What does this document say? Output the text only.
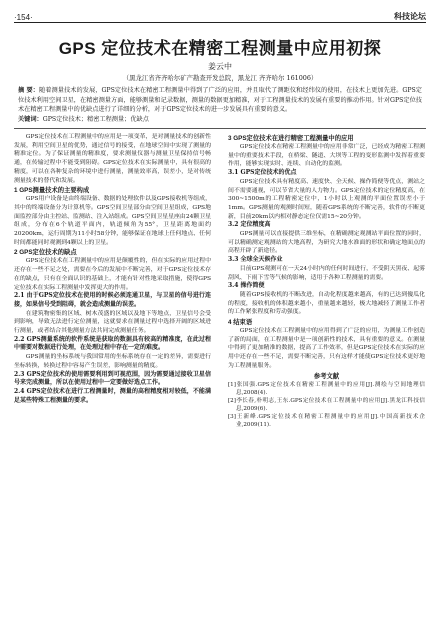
·154·	科技论坛
GPS 定位技术在精密工程测量中应用初探
姜云中
（黑龙江省齐齐哈尔矿产勘查开发总院，黑龙江 齐齐哈尔 161006）
摘 要：随着测量技术的发展，GPS定位技术在精密工程测量中得到了广泛的应用，并且取代了测距仪和经纬仪的使用，在技术上更加先进。GPS定位技术利用空间卫星，在精密测量方面，能够测量和记录数据，测量的数据更加精准，对于工程测量技术的发展有重要的推动作用。针对GPS定位技术在精密工程测量中的优缺点进行了详细的分析，对于GPS定位技术的进一步发展具有重要的意义。
关键词：GPS定位技术；精密工程测量；优缺点

GPS定位技术在工程测量中的应用是一项变革，是对测量技术的创新性发展，利用空间卫星的优势，通过信号的接受，在地球空间中实现了测量的精准定位。为了保证测量的精准度，要求测量仪器与测量卫星保持信号畅通，在传输过程中不能受到阻碍。GPS定位技术在实际测量中，具有很高的精度，可以在各种复杂的环境中进行测量，测量效率高，误差小，是对传统测量技术的替代和发展。

1 GPS测量技术的主要构成

GPS用户设备是由终端设备、数据的处理软件以及GPS接收机等组成，其中的终端设备分为计算机等。GPS空间卫星部分由空间卫星组成，GPS地面监控部分由主控站、监测站、注入站组成。GPS空间卫星星座由24颗卫星组成，分布在6个轨道平面内，轨道倾角为55°，卫星距离地面约20200km，运行周期为11小时58分钟，能够保证在地球上任何地点、任何时间都能同时观测到4颗以上的卫星。

2 GPS定位技术的缺点

GPS定位技术在工程测量中的应用是颠覆性的，但在实际的应用过程中还存在一些不足之处，需要在今后的发展中不断完善，对于GPS定位技术存在的缺点，只有在全面认识的基础上，才能有针对性地采取措施，使得GPS定位技术在实际工程测量中发挥更大的作用。

2.1 由于GPS定位技术在使用的时候必须连通卫星，与卫星的信号进行连接，如果信号受到阻碍，就会造成测量的误差。

在建筑物密集的区域、树木茂盛的区域以及地下等地点，卫星信号会受到影响，导致无法进行定位测量，这就要求在测量过程中选择开阔的区域进行测量，或者结合其他测量方法共同完成测量任务。

2.2 GPS测量系统的软件系统是获取的数据具有较高的精准度，在此过程中需要对数据进行处理，在处理过程中存在一定的难度。

GPS测量的坐标系统与我国常用的坐标系统存在一定的差异，需要进行坐标转换，转换过程中容易产生误差，影响测量的精度。

2.3 GPS定位技术的使用需要利用到可视范围，因为需要通过接收卫星信号来完成测量，所以在使用过程中一定要做好选点工作。
2.4 GPS定位技术在进行工程测量时，测量的高程精度相对较低，不能满足某些特殊工程测量的要求。
3 GPS定位技术在进行精密工程测量中的应用

GPS定位技术在精密工程测量中的应用非常广泛，已经成为精密工程测量中的重要技术手段，在桥梁、隧道、大坝等工程的变形监测中发挥着重要作用，能够实现实时、连续、自动化的监测。

3.1 GPS定位技术的优点

GPS定位技术具有精度高、速度快、全天候、操作简便等优点，测站之间不需要通视，可以节省大量的人力物力。GPS定位技术的定位精度高，在300~1500m的工程精密定位中，1小时以上观测的平面位置误差小于1mm。GPS测量的观测时间短，随着GPS系统的不断完善，软件的不断更新，目前20km以内相对静态定位仅需15~20分钟。

3.2 定位精度高

GPS测量可以直接提供三维坐标，在精确测定观测站平面位置的同时，可以精确测定观测站的大地高程，为研究大地水准面的形状和确定地面点的高程开辟了新途径。

3.3 全球全天候作业

目前GPS观测可在一天24小时内的任何时间进行，不受阴天黑夜、起雾刮风、下雨下雪等气候的影响，适用于各种工程测量的需要。

3.4 操作简便

随着GPS接收机的不断改进，自动化程度越来越高，有的已达到傻瓜化的程度，接收机的体积越来越小，重量越来越轻，极大地减轻了测量工作者的工作紧张程度和劳动强度。

4 结束语

GPS定位技术在工程测量中的应用得到了广泛的应用，为测量工作创造了新的局面，在工程测量中是一项创新性的技术，具有重要的意义。在测量中得到了更加精准的数据，提高了工作效率，但是GPS定位技术在实际的应用中还存在一些不足，需要不断完善，只有这样才能使GPS定位技术更好地为工程测量服务。

参考文献

[1]张国强.GPS定位技术在精密工程测量中的应用[J].测绘与空间地理信息,2008(4).

[2]李长春,朴明志,王东.GPS定位技术在工程测量中的应用[J].黑龙江科技信息,2009(6).

[3]王新峰.GPS定位技术在精密工程测量中的应用[J].中国高新技术企业,2009(11).
